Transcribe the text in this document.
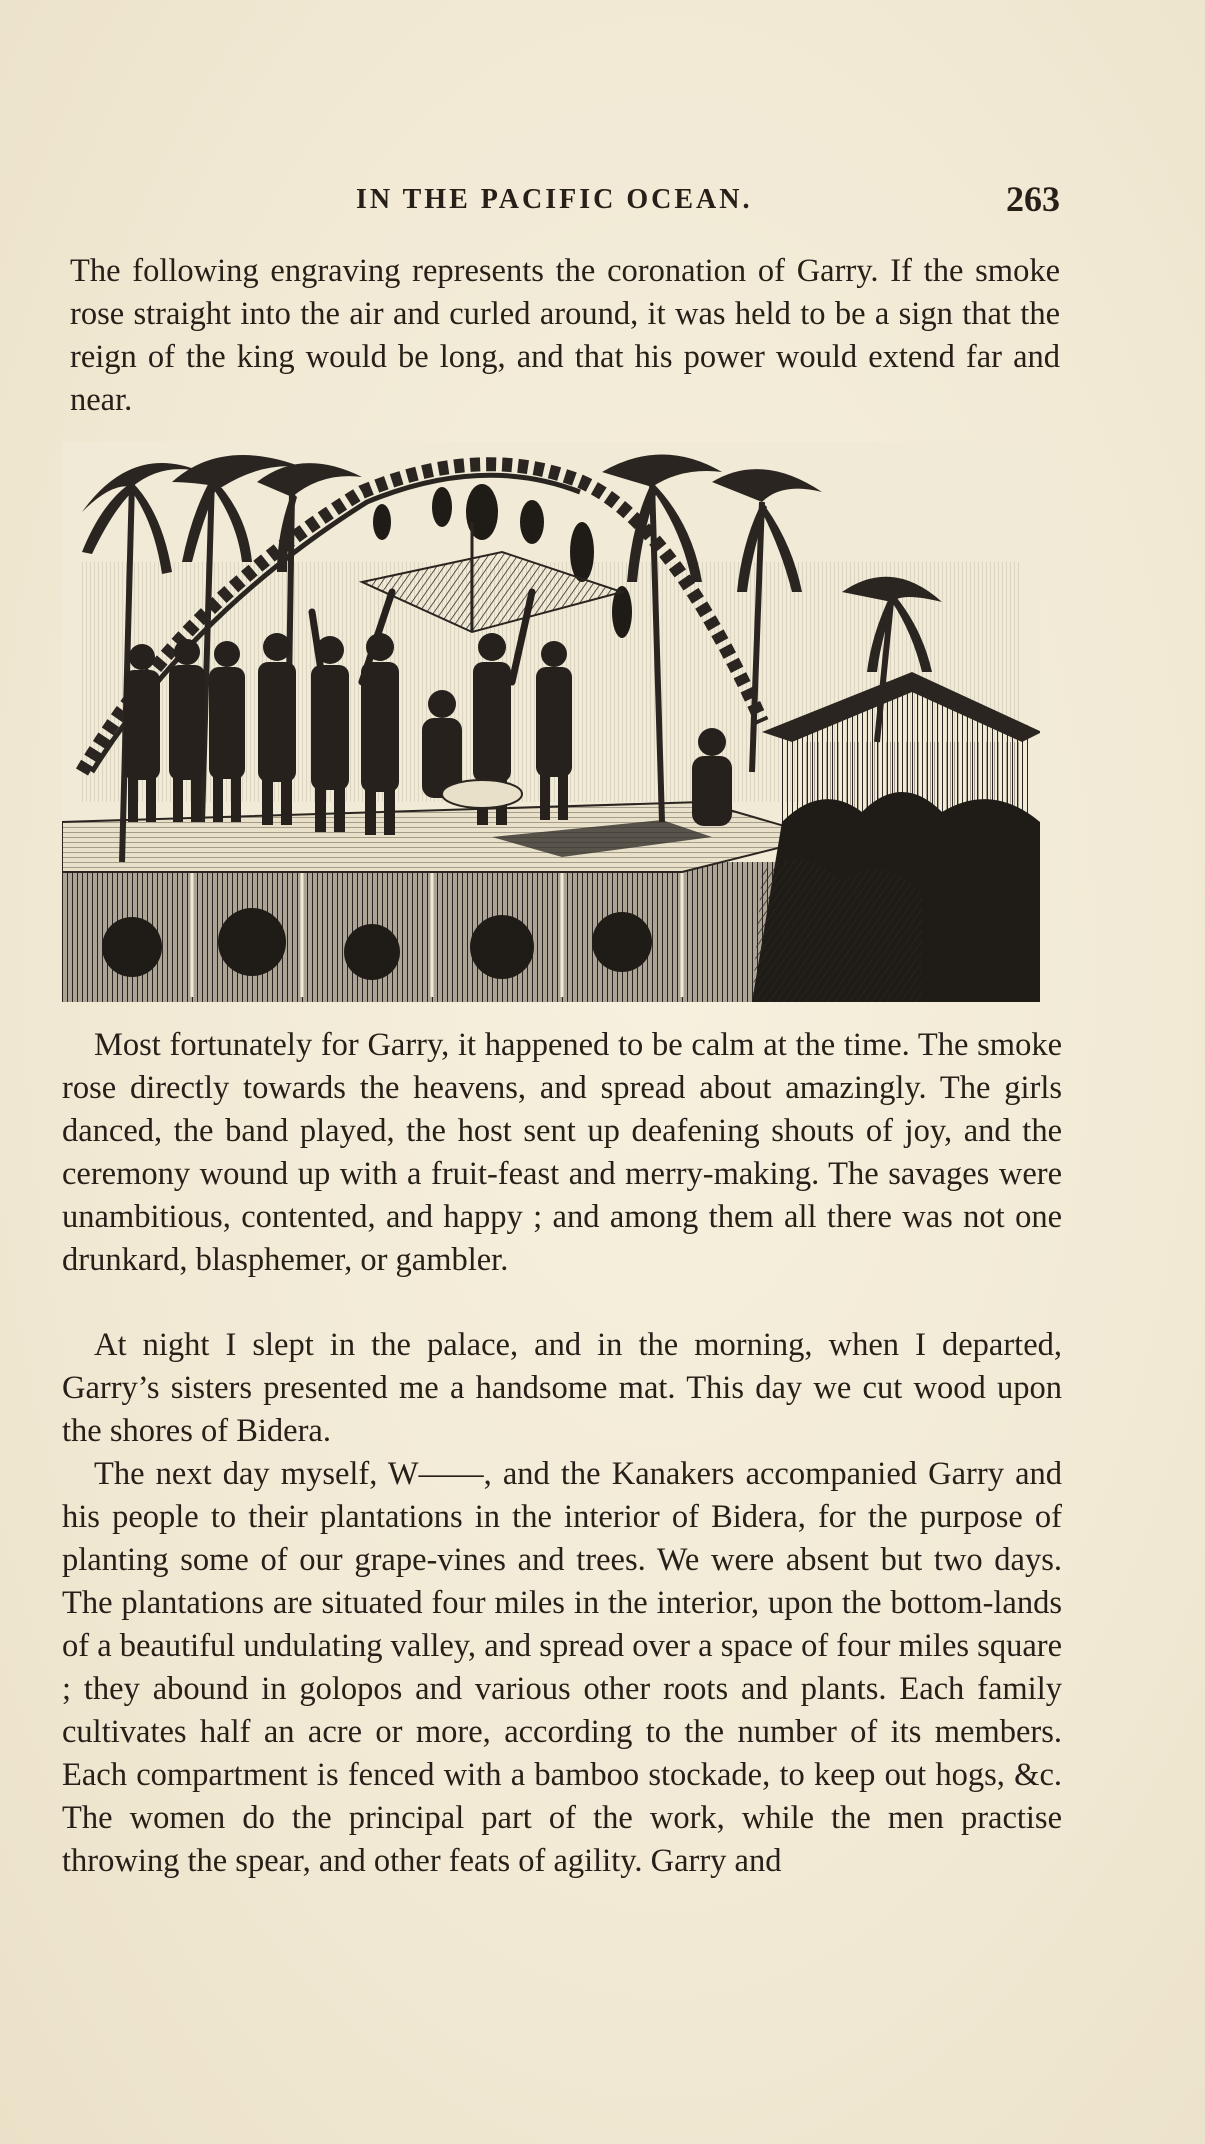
IN THE PACIFIC OCEAN.	263

The following engraving represents the coronation of Garry. If the smoke rose straight into the air and curled around, it was held to be a sign that the reign of the king would be long, and that his power would extend far and near.

Most fortunately for Garry, it happened to be calm at the time. The smoke rose directly towards the heavens, and spread about amazingly. The girls danced, the band played, the host sent up deafening shouts of joy, and the ceremony wound up with a fruit-feast and merry-making. The savages were unambitious, contented, and happy ; and among them all there was not one drunkard, blasphemer, or gambler.

At night I slept in the palace, and in the morning, when I departed, Garry’s sisters presented me a handsome mat. This day we cut wood upon the shores of Bidera.

The next day myself, W——, and the Kanakers accompanied Garry and his people to their plantations in the interior of Bidera, for the purpose of planting some of our grape-vines and trees. We were absent but two days. The plantations are situated four miles in the interior, upon the bottom-lands of a beautiful undulating valley, and spread over a space of four miles square ; they abound in golopos and various other roots and plants. Each family cultivates half an acre or more, according to the number of its members. Each compartment is fenced with a bamboo stockade, to keep out hogs, &c. The women do the principal part of the work, while the men practise throwing the spear, and other feats of agility. Garry and
